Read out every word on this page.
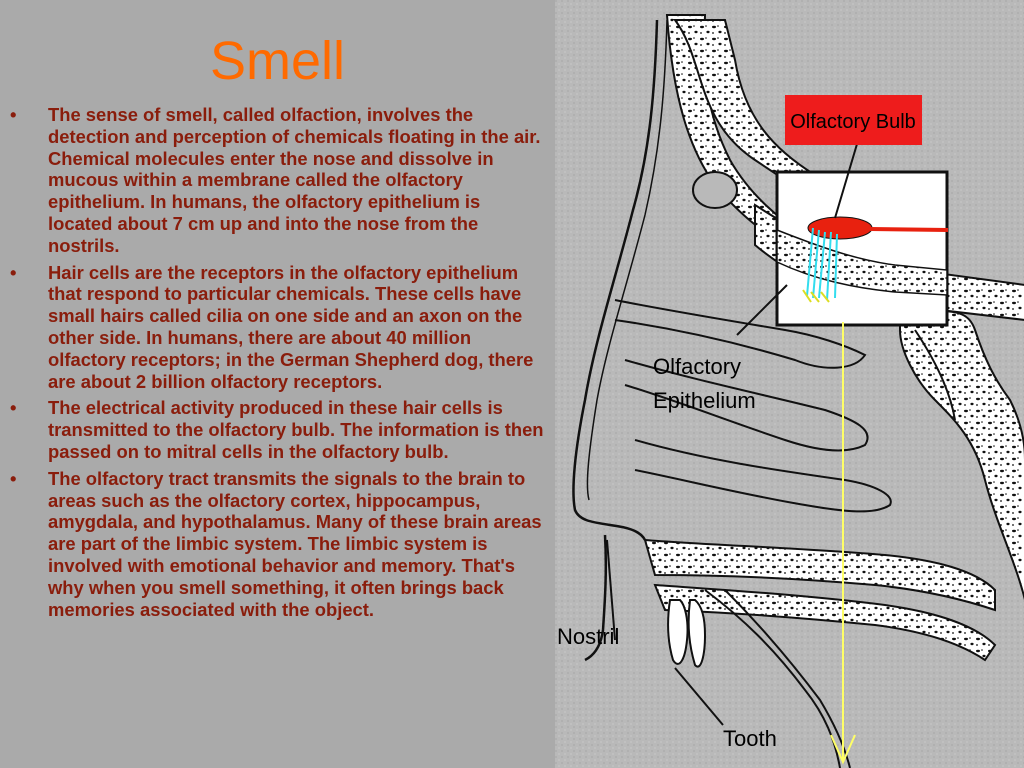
Smell
• The sense of smell, called olfaction, involves the detection and perception of chemicals floating in the air. Chemical molecules enter the nose and dissolve in mucous within a membrane called the olfactory epithelium. In humans, the olfactory epithelium is located about 7 cm up and into the nose from the nostrils.
• Hair cells are the receptors in the olfactory epithelium that respond to particular chemicals. These cells have small hairs called cilia on one side and an axon on the other side. In humans, there are about 40 million olfactory receptors; in the German Shepherd dog, there are about 2 billion olfactory receptors.
• The electrical activity produced in these hair cells is transmitted to the olfactory bulb. The information is then passed on to mitral cells in the olfactory bulb.
• The olfactory tract transmits the signals to the brain to areas such as the olfactory cortex, hippocampus, amygdala, and hypothalamus. Many of these brain areas are part of the limbic system. The limbic system is involved with emotional behavior and memory. That's why when you smell something, it often brings back memories associated with the object.
Olfactory Bulb
Olfactory
Epithelium
Nostril
Tooth
